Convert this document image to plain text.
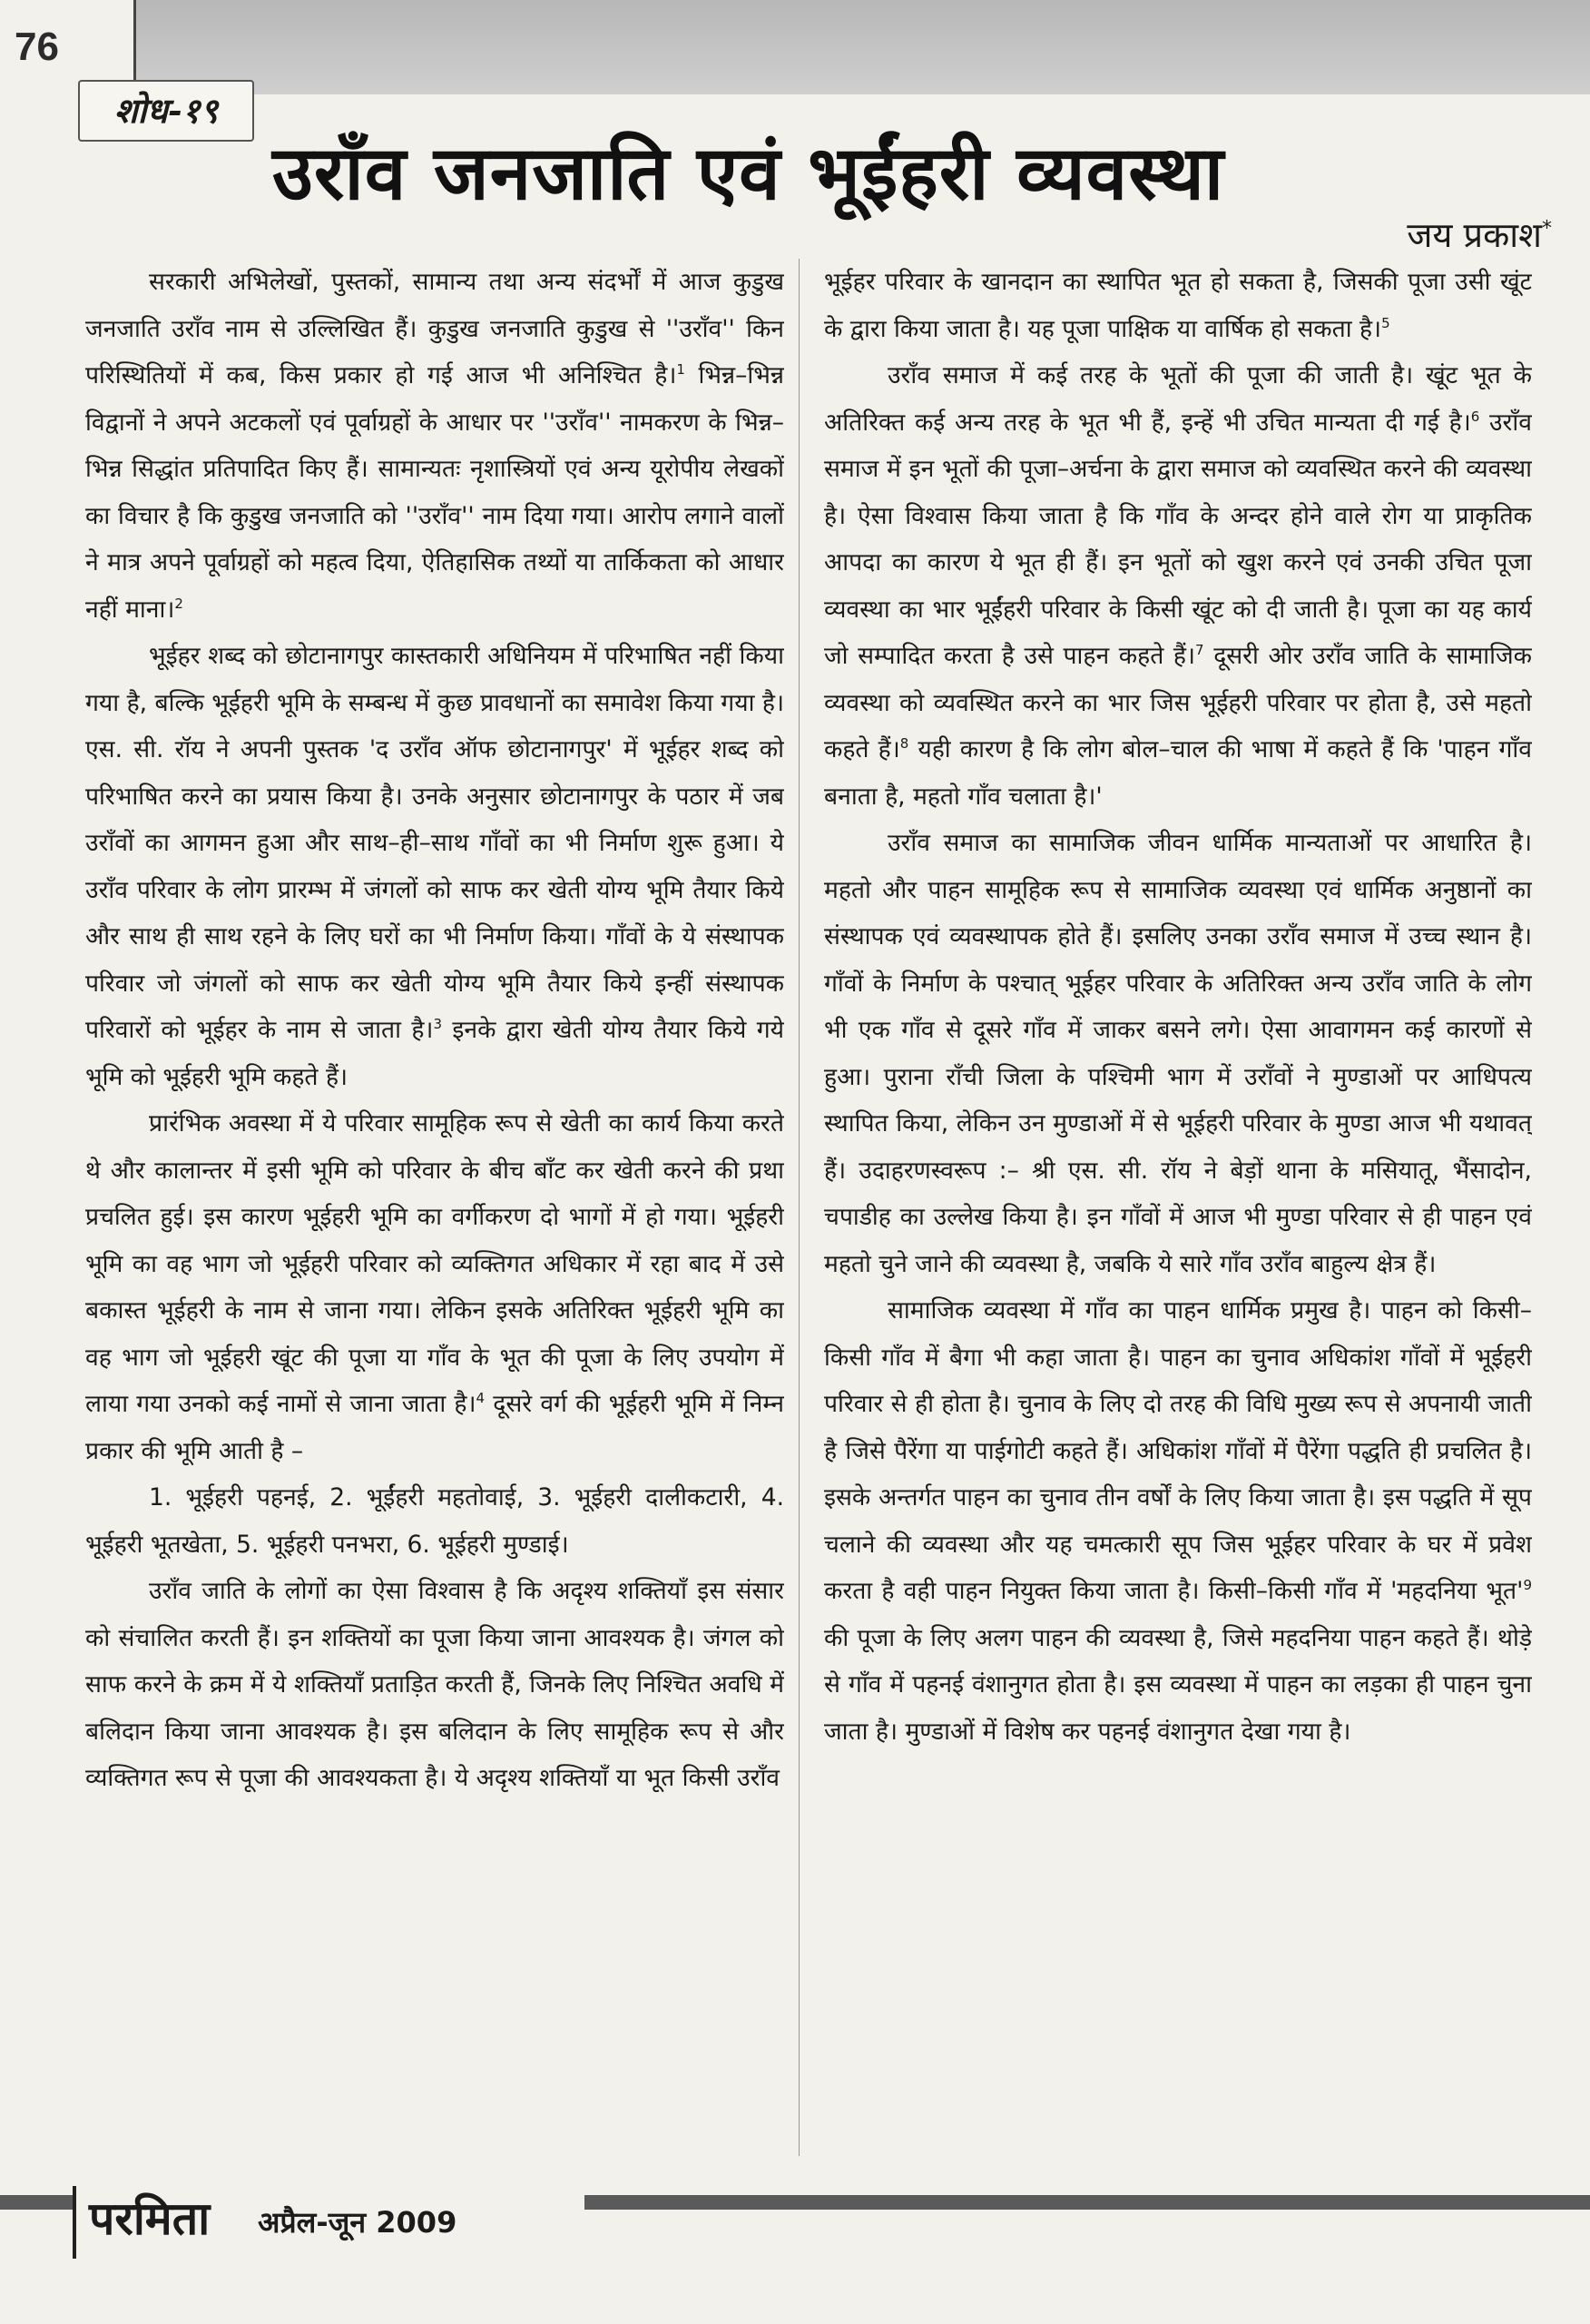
76
शोध-१९
उराँव जनजाति एवं भूईंहरी व्यवस्था
जय प्रकाश*

सरकारी अभिलेखों, पुस्तकों, सामान्य तथा अन्य संदर्भों में आज कुडुख जनजाति उराँव नाम से उल्लिखित हैं। कुडुख जनजाति कुडुख से ''उराँव'' किन परिस्थितियों में कब, किस प्रकार हो गई आज भी अनिश्चित है।$^1$ भिन्न–भिन्न विद्वानों ने अपने अटकलों एवं पूर्वाग्रहों के आधार पर ''उराँव'' नामकरण के भिन्न–भिन्न सिद्धांत प्रतिपादित किए हैं। सामान्यतः नृशास्त्रियों एवं अन्य यूरोपीय लेखकों का विचार है कि कुडुख जनजाति को ''उराँव'' नाम दिया गया। आरोप लगाने वालों ने मात्र अपने पूर्वाग्रहों को महत्व दिया, ऐतिहासिक तथ्यों या तार्किकता को आधार नहीं माना।$^2$

भूईहर शब्द को छोटानागपुर कास्तकारी अधिनियम में परिभाषित नहीं किया गया है, बल्कि भूईहरी भूमि के सम्बन्ध में कुछ प्रावधानों का समावेश किया गया है। एस. सी. रॉय ने अपनी पुस्तक 'द उराँव ऑफ छोटानागपुर' में भूईहर शब्द को परिभाषित करने का प्रयास किया है। उनके अनुसार छोटानागपुर के पठार में जब उराँवों का आगमन हुआ और साथ–ही–साथ गाँवों का भी निर्माण शुरू हुआ। ये उराँव परिवार के लोग प्रारम्भ में जंगलों को साफ कर खेती योग्य भूमि तैयार किये और साथ ही साथ रहने के लिए घरों का भी निर्माण किया। गाँवों के ये संस्थापक परिवार जो जंगलों को साफ कर खेती योग्य भूमि तैयार किये इन्हीं संस्थापक परिवारों को भूईहर के नाम से जाता है।$^3$ इनके द्वारा खेती योग्य तैयार किये गये भूमि को भूईहरी भूमि कहते हैं।

प्रारंभिक अवस्था में ये परिवार सामूहिक रूप से खेती का कार्य किया करते थे और कालान्तर में इसी भूमि को परिवार के बीच बाँट कर खेती करने की प्रथा प्रचलित हुई। इस कारण भूईहरी भूमि का वर्गीकरण दो भागों में हो गया। भूईहरी भूमि का वह भाग जो भूईहरी परिवार को व्यक्तिगत अधिकार में रहा बाद में उसे बकास्त भूईहरी के नाम से जाना गया। लेकिन इसके अतिरिक्त भूईहरी भूमि का वह भाग जो भूईहरी खूंट की पूजा या गाँव के भूत की पूजा के लिए उपयोग में लाया गया उनको कई नामों से जाना जाता है।$^4$ दूसरे वर्ग की भूईहरी भूमि में निम्न प्रकार की भूमि आती है –

1. भूईहरी पहनई, 2. भूईंहरी महतोवाई, 3. भूईहरी दालीकटारी, 4. भूईहरी भूतखेता, 5. भूईहरी पनभरा, 6. भूईहरी मुण्डाई।

उराँव जाति के लोगों का ऐसा विश्वास है कि अदृश्य शक्तियाँ इस संसार को संचालित करती हैं। इन शक्तियों का पूजा किया जाना आवश्यक है। जंगल को साफ करने के क्रम में ये शक्तियाँ प्रताड़ित करती हैं, जिनके लिए निश्चित अवधि में बलिदान किया जाना आवश्यक है। इस बलिदान के लिए सामूहिक रूप से और व्यक्तिगत रूप से पूजा की आवश्यकता है। ये अदृश्य शक्तियाँ या भूत किसी उराँव

भूईहर परिवार के खानदान का स्थापित भूत हो सकता है, जिसकी पूजा उसी खूंट के द्वारा किया जाता है। यह पूजा पाक्षिक या वार्षिक हो सकता है।$^5$

उराँव समाज में कई तरह के भूतों की पूजा की जाती है। खूंट भूत के अतिरिक्त कई अन्य तरह के भूत भी हैं, इन्हें भी उचित मान्यता दी गई है।$^6$ उराँव समाज में इन भूतों की पूजा–अर्चना के द्वारा समाज को व्यवस्थित करने की व्यवस्था है। ऐसा विश्वास किया जाता है कि गाँव के अन्दर होने वाले रोग या प्राकृतिक आपदा का कारण ये भूत ही हैं। इन भूतों को खुश करने एवं उनकी उचित पूजा व्यवस्था का भार भूईंहरी परिवार के किसी खूंट को दी जाती है। पूजा का यह कार्य जो सम्पादित करता है उसे पाहन कहते हैं।$^7$ दूसरी ओर उराँव जाति के सामाजिक व्यवस्था को व्यवस्थित करने का भार जिस भूईहरी परिवार पर होता है, उसे महतो कहते हैं।$^8$ यही कारण है कि लोग बोल–चाल की भाषा में कहते हैं कि 'पाहन गाँव बनाता है, महतो गाँव चलाता है।'

उराँव समाज का सामाजिक जीवन धार्मिक मान्यताओं पर आधारित है। महतो और पाहन सामूहिक रूप से सामाजिक व्यवस्था एवं धार्मिक अनुष्ठानों का संस्थापक एवं व्यवस्थापक होते हैं। इसलिए उनका उराँव समाज में उच्च स्थान है। गाँवों के निर्माण के पश्चात् भूईहर परिवार के अतिरिक्त अन्य उराँव जाति के लोग भी एक गाँव से दूसरे गाँव में जाकर बसने लगे। ऐसा आवागमन कई कारणों से हुआ। पुराना राँची जिला के पश्चिमी भाग में उराँवों ने मुण्डाओं पर आधिपत्य स्थापित किया, लेकिन उन मुण्डाओं में से भूईहरी परिवार के मुण्डा आज भी यथावत् हैं। उदाहरणस्वरूप :– श्री एस. सी. रॉय ने बेड़ों थाना के मसियातू, भैंसादोन, चपाडीह का उल्लेख किया है। इन गाँवों में आज भी मुण्डा परिवार से ही पाहन एवं महतो चुने जाने की व्यवस्था है, जबकि ये सारे गाँव उराँव बाहुल्य क्षेत्र हैं।

सामाजिक व्यवस्था में गाँव का पाहन धार्मिक प्रमुख है। पाहन को किसी–किसी गाँव में बैगा भी कहा जाता है। पाहन का चुनाव अधिकांश गाँवों में भूईहरी परिवार से ही होता है। चुनाव के लिए दो तरह की विधि मुख्य रूप से अपनायी जाती है जिसे पैरेंगा या पाईगोटी कहते हैं। अधिकांश गाँवों में पैरेंगा पद्धति ही प्रचलित है। इसके अन्तर्गत पाहन का चुनाव तीन वर्षों के लिए किया जाता है। इस पद्धति में सूप चलाने की व्यवस्था और यह चमत्कारी सूप जिस भूईहर परिवार के घर में प्रवेश करता है वही पाहन नियुक्त किया जाता है। किसी–किसी गाँव में 'महदनिया $भूत'^9$ की पूजा के लिए अलग पाहन की व्यवस्था है, जिसे महदनिया पाहन कहते हैं। थोड़े से गाँव में पहनई वंशानुगत होता है। इस व्यवस्था में पाहन का लड़का ही पाहन चुना जाता है। मुण्डाओं में विशेष कर पहनई वंशानुगत देखा गया है।

परमिता अप्रैल-जून 2009
